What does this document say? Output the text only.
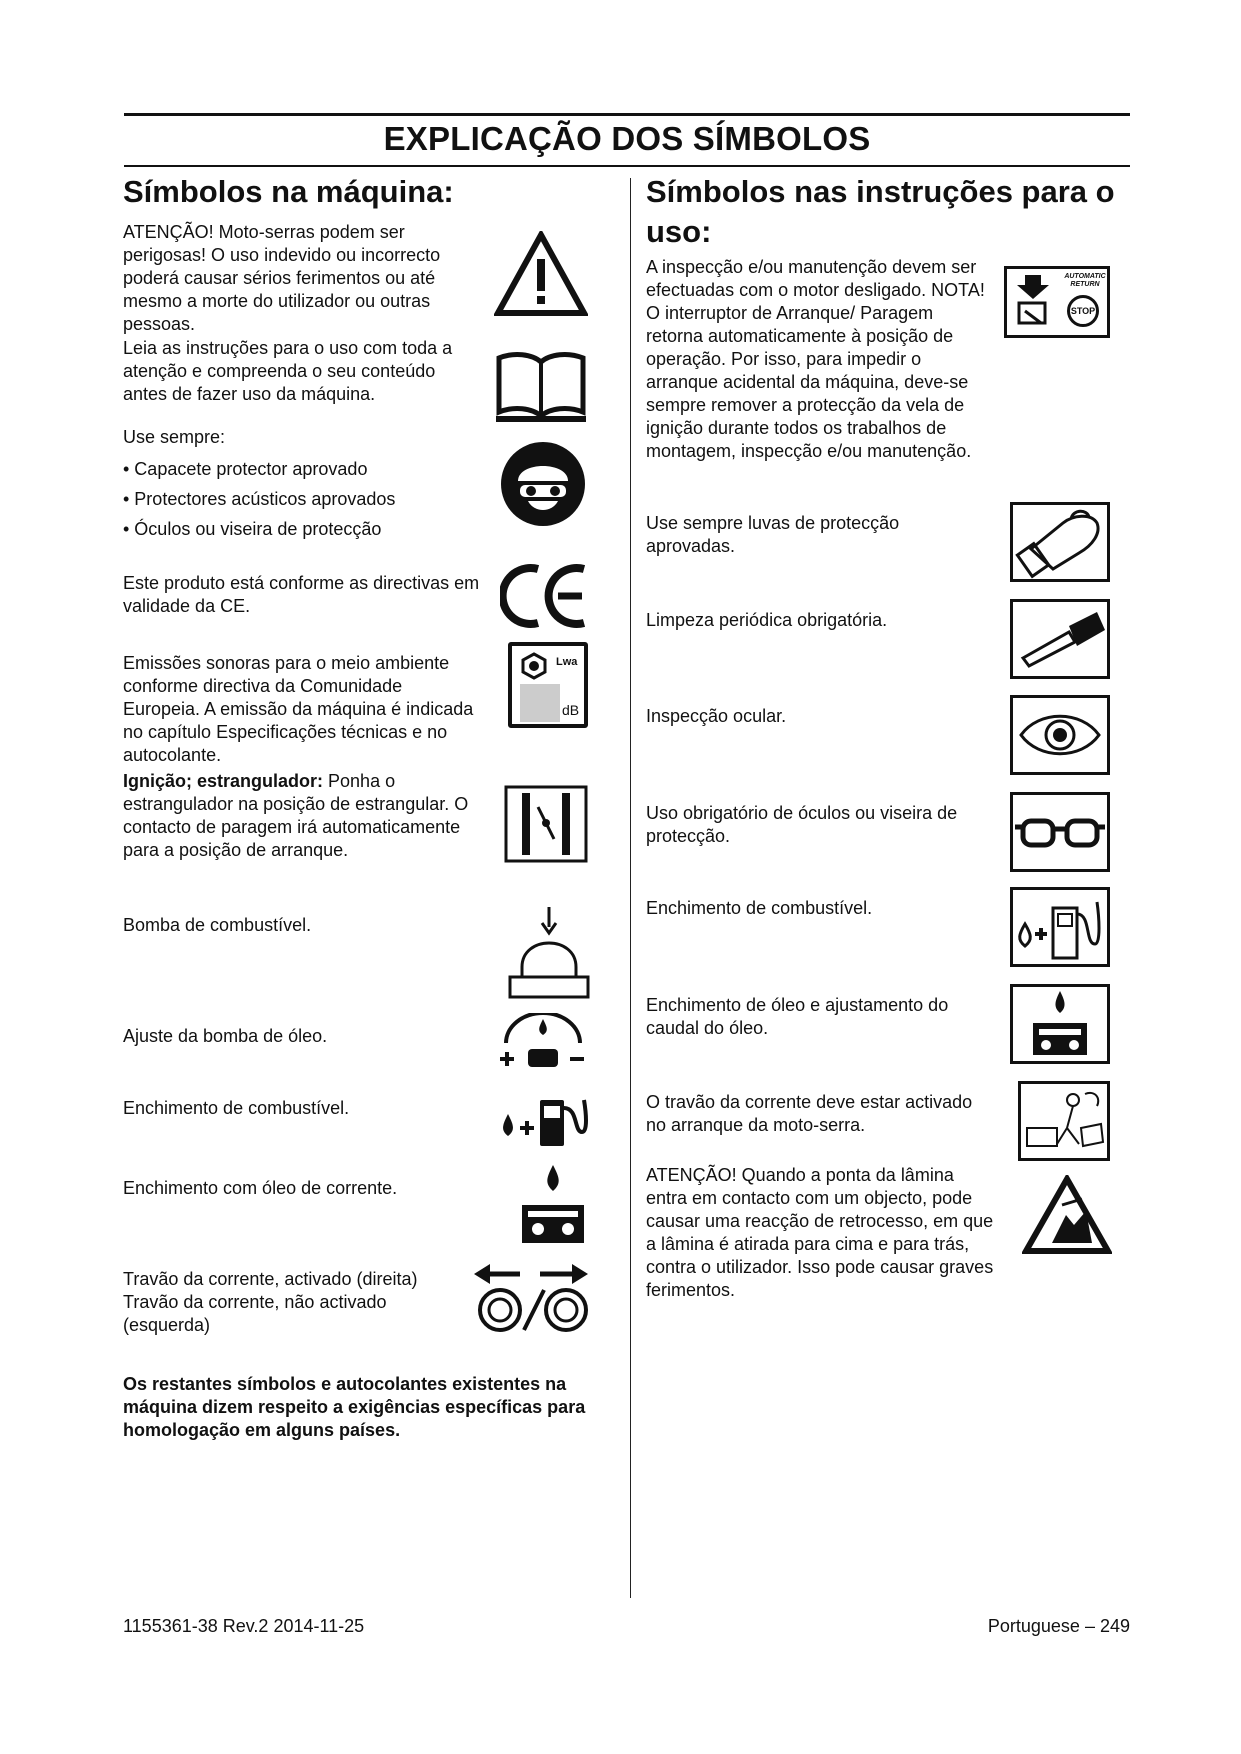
EXPLICAÇÃO DOS SÍMBOLOS
Símbolos na máquina:

ATENÇÃO! Moto-serras podem ser perigosas! O uso indevido ou incorrecto poderá causar sérios ferimentos ou até mesmo a morte do utilizador ou outras pessoas.

Leia as instruções para o uso com toda a atenção e compreenda o seu conteúdo antes de fazer uso da máquina.

Use sempre:

• Capacete protector aprovado

• Protectores acústicos aprovados

• Óculos ou viseira de protecção

Este produto está conforme as directivas em validade da CE.

Emissões sonoras para o meio ambiente conforme directiva da Comunidade Europeia. A emissão da máquina é indicada no capítulo Especificações técnicas e no autocolante.

Lwa
dB

Ignição; estrangulador: Ponha o estrangulador na posição de estrangular. O contacto de paragem irá automaticamente para a posição de arranque.

Bomba de combustível.

Ajuste da bomba de óleo.

Enchimento de combustível.

Enchimento com óleo de corrente.

Travão da corrente, activado (direita)

Travão da corrente, não activado (esquerda)

Os restantes símbolos e autocolantes existentes na máquina dizem respeito a exigências específicas para homologação em alguns países.

Símbolos nas instruções para o uso:

A inspecção e/ou manutenção devem ser efectuadas com o motor desligado. NOTA! O interruptor de Arranque/ Paragem retorna automaticamente à posição de operação. Por isso, para impedir o arranque acidental da máquina, deve-se sempre remover a protecção da vela de ignição durante todos os trabalhos de montagem, inspecção e/ou manutenção.

AUTOMATIC RETURN
STOP

Use sempre luvas de protecção aprovadas.

Limpeza periódica obrigatória.

Inspecção ocular.

Uso obrigatório de óculos ou viseira de protecção.

Enchimento de combustível.

Enchimento de óleo e ajustamento do caudal do óleo.

O travão da corrente deve estar activado no arranque da moto-serra.

ATENÇÃO! Quando a ponta da lâmina entra em contacto com um objecto, pode causar uma reacção de retrocesso, em que a lâmina é atirada para cima e para trás, contra o utilizador. Isso pode causar graves ferimentos.

1155361-38 Rev.2 2014-11-25	Portuguese – 249
